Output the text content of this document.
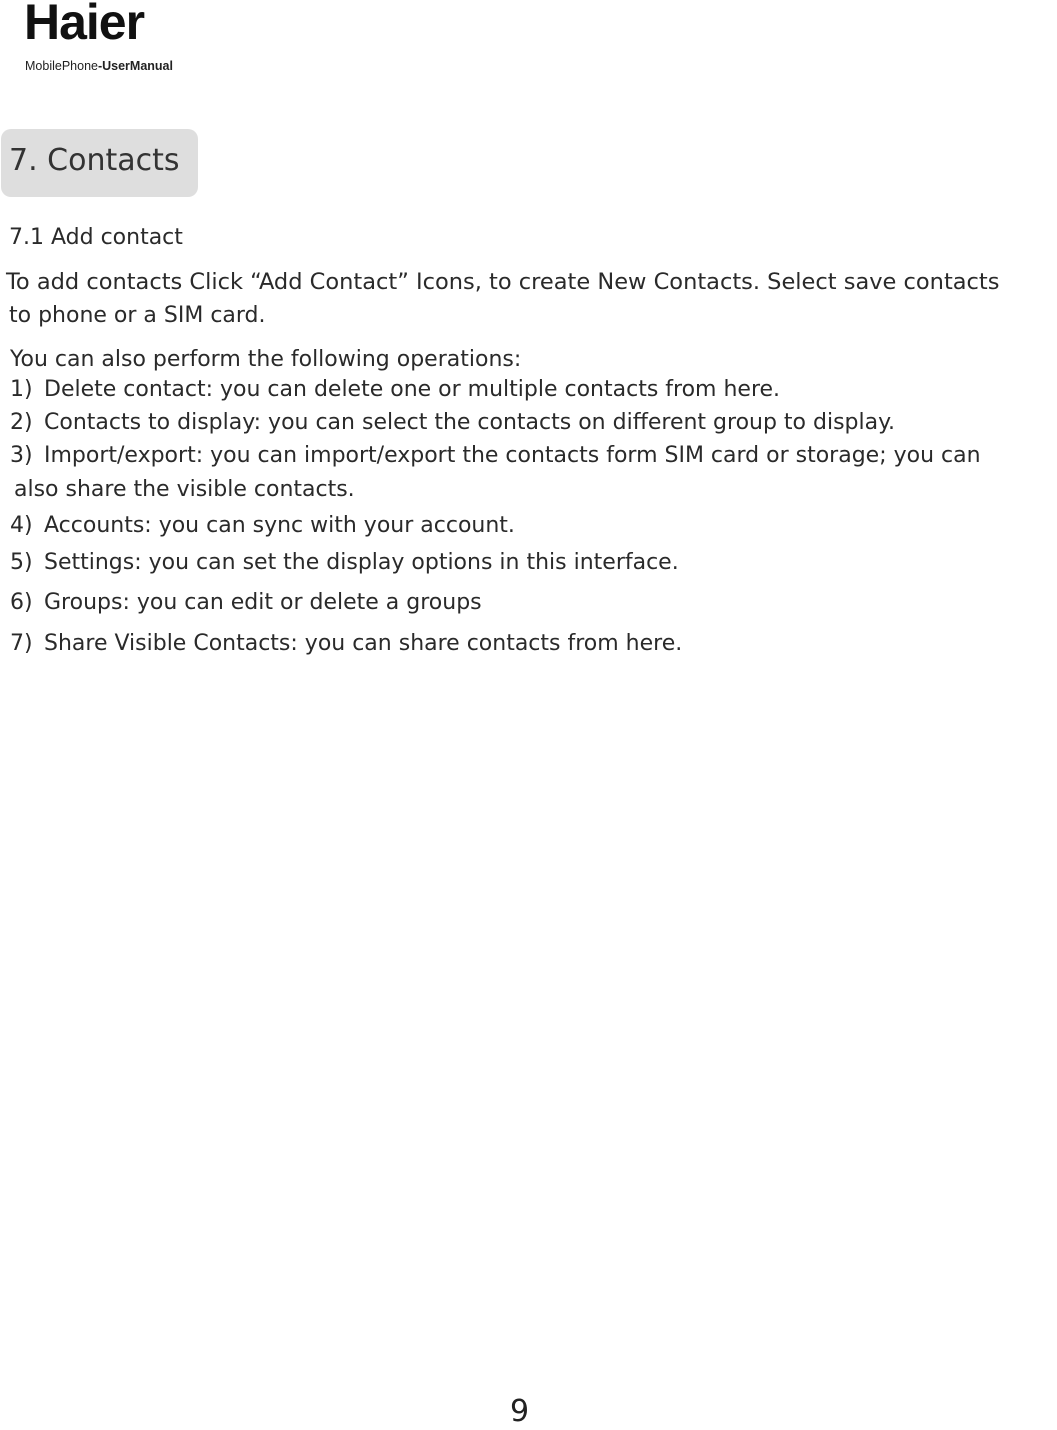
Haier
MobilePhone-UserManual
7. Contacts
7.1 Add contact
To add contacts Click “Add Contact” Icons, to create New Contacts. Select save contacts
to phone or a SIM card.
You can also perform the following operations:
1) Delete contact: you can delete one or multiple contacts from here.
2) Contacts to display: you can select the contacts on different group to display.
3) Import/export: you can import/export the contacts form SIM card or storage; you can
also share the visible contacts.
4) Accounts: you can sync with your account.
5) Settings: you can set the display options in this interface.
6) Groups: you can edit or delete a groups
7) Share Visible Contacts: you can share contacts from here.
9
